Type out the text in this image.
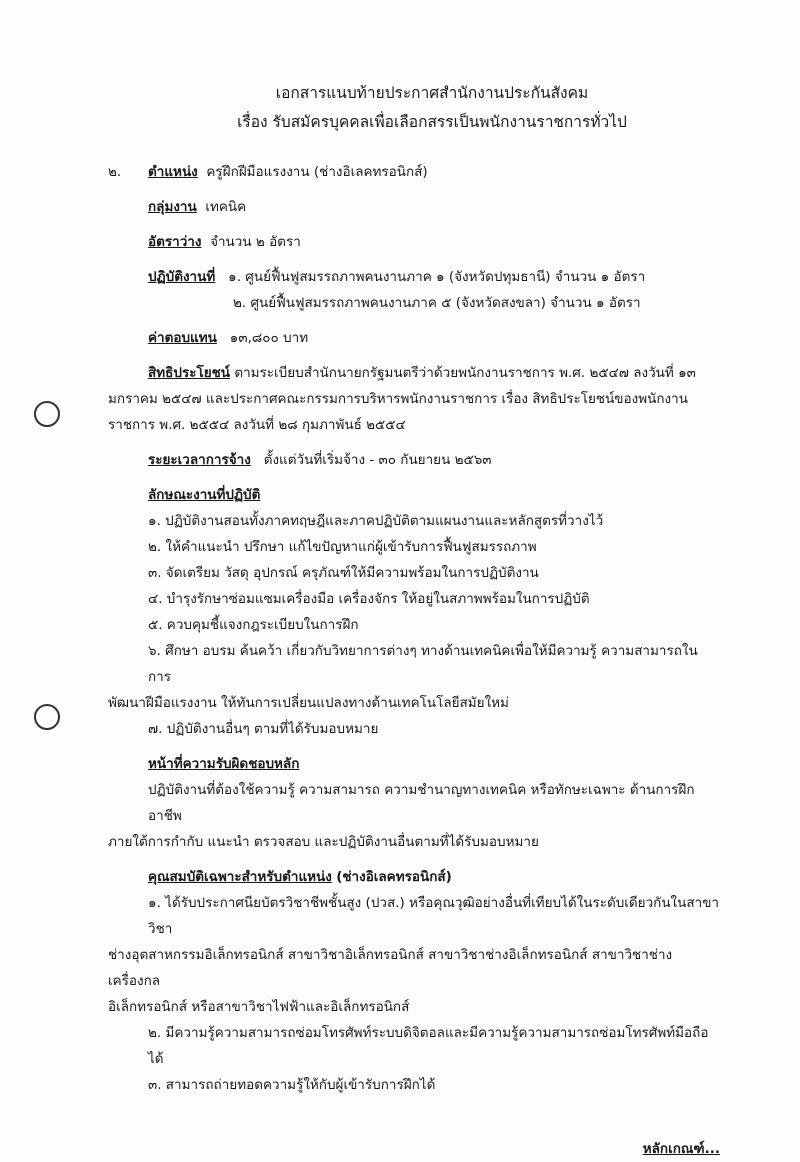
เอกสารแนบท้ายประกาศสำนักงานประกันสังคม
เรื่อง รับสมัครบุคคลเพื่อเลือกสรรเป็นพนักงานราชการทั่วไป
๒.	ตำแหน่ง ครูฝึกฝีมือแรงงาน (ช่างอิเลคทรอนิกส์)
กลุ่มงาน เทคนิค
อัตราว่าง จำนวน ๒ อัตรา
ปฏิบัติงานที่ ๑. ศูนย์ฟื้นฟูสมรรถภาพคนงานภาค ๑ (จังหวัดปทุมธานี) จำนวน ๑ อัตรา
๒. ศูนย์ฟื้นฟูสมรรถภาพคนงานภาค ๕ (จังหวัดสงขลา) จำนวน ๑ อัตรา
ค่าตอบแทน ๑๓,๘๐๐ บาท
สิทธิประโยชน์ ตามระเบียบสำนักนายกรัฐมนตรีว่าด้วยพนักงานราชการ พ.ศ. ๒๕๔๗ ลงวันที่ ๑๓
มกราคม ๒๕๔๗ และประกาศคณะกรรมการบริหารพนักงานราชการ เรื่อง สิทธิประโยชน์ของพนักงาน
ราชการ พ.ศ. ๒๕๕๔ ลงวันที่ ๒๘ กุมภาพันธ์ ๒๕๕๔
ระยะเวลาการจ้าง ตั้งแต่วันที่เริ่มจ้าง - ๓๐ กันยายน ๒๕๖๓
ลักษณะงานที่ปฏิบัติ
๑. ปฏิบัติงานสอนทั้งภาคทฤษฎีและภาคปฏิบัติตามแผนงานและหลักสูตรที่วางไว้
๒. ให้คำแนะนำ ปรึกษา แก้ไขปัญหาแก่ผู้เข้ารับการฟื้นฟูสมรรถภาพ
๓. จัดเตรียม วัสดุ อุปกรณ์ ครุภัณฑ์ให้มีความพร้อมในการปฏิบัติงาน
๔. บำรุงรักษาซ่อมแซมเครื่องมือ เครื่องจักร ให้อยู่ในสภาพพร้อมในการปฏิบัติ
๕. ควบคุมชี้แจงกฎระเบียบในการฝึก
๖. ศึกษา อบรม ค้นคว้า เกี่ยวกับวิทยาการต่างๆ ทางด้านเทคนิคเพื่อให้มีความรู้ ความสามารถในการ
พัฒนาฝีมือแรงงาน ให้ทันการเปลี่ยนแปลงทางด้านเทคโนโลยีสมัยใหม่
๗. ปฏิบัติงานอื่นๆ ตามที่ได้รับมอบหมาย
หน้าที่ความรับผิดชอบหลัก
ปฏิบัติงานที่ต้องใช้ความรู้ ความสามารถ ความชำนาญทางเทคนิค หรือทักษะเฉพาะ ด้านการฝึกอาชีพ
ภายใต้การกำกับ แนะนำ ตรวจสอบ และปฏิบัติงานอื่นตามที่ได้รับมอบหมาย
คุณสมบัติเฉพาะสำหรับตำแหน่ง (ช่างอิเลคทรอนิกส์)
๑. ได้รับประกาศนียบัตรวิชาชีพชั้นสูง (ปวส.) หรือคุณวุฒิอย่างอื่นที่เทียบได้ในระดับเดียวกันในสาขาวิชา
ช่างอุตสาหกรรมอิเล็กทรอนิกส์ สาขาวิชาอิเล็กทรอนิกส์ สาขาวิชาช่างอิเล็กทรอนิกส์ สาขาวิชาช่างเครื่องกล
อิเล็กทรอนิกส์ หรือสาขาวิชาไฟฟ้าและอิเล็กทรอนิกส์
๒. มีความรู้ความสามารถซ่อมโทรศัพท์ระบบดิจิตอลและมีความรู้ความสามารถซ่อมโทรศัพท์มือถือได้
๓. สามารถถ่ายทอดความรู้ให้กับผู้เข้ารับการฝึกได้
หลักเกณฑ์...
